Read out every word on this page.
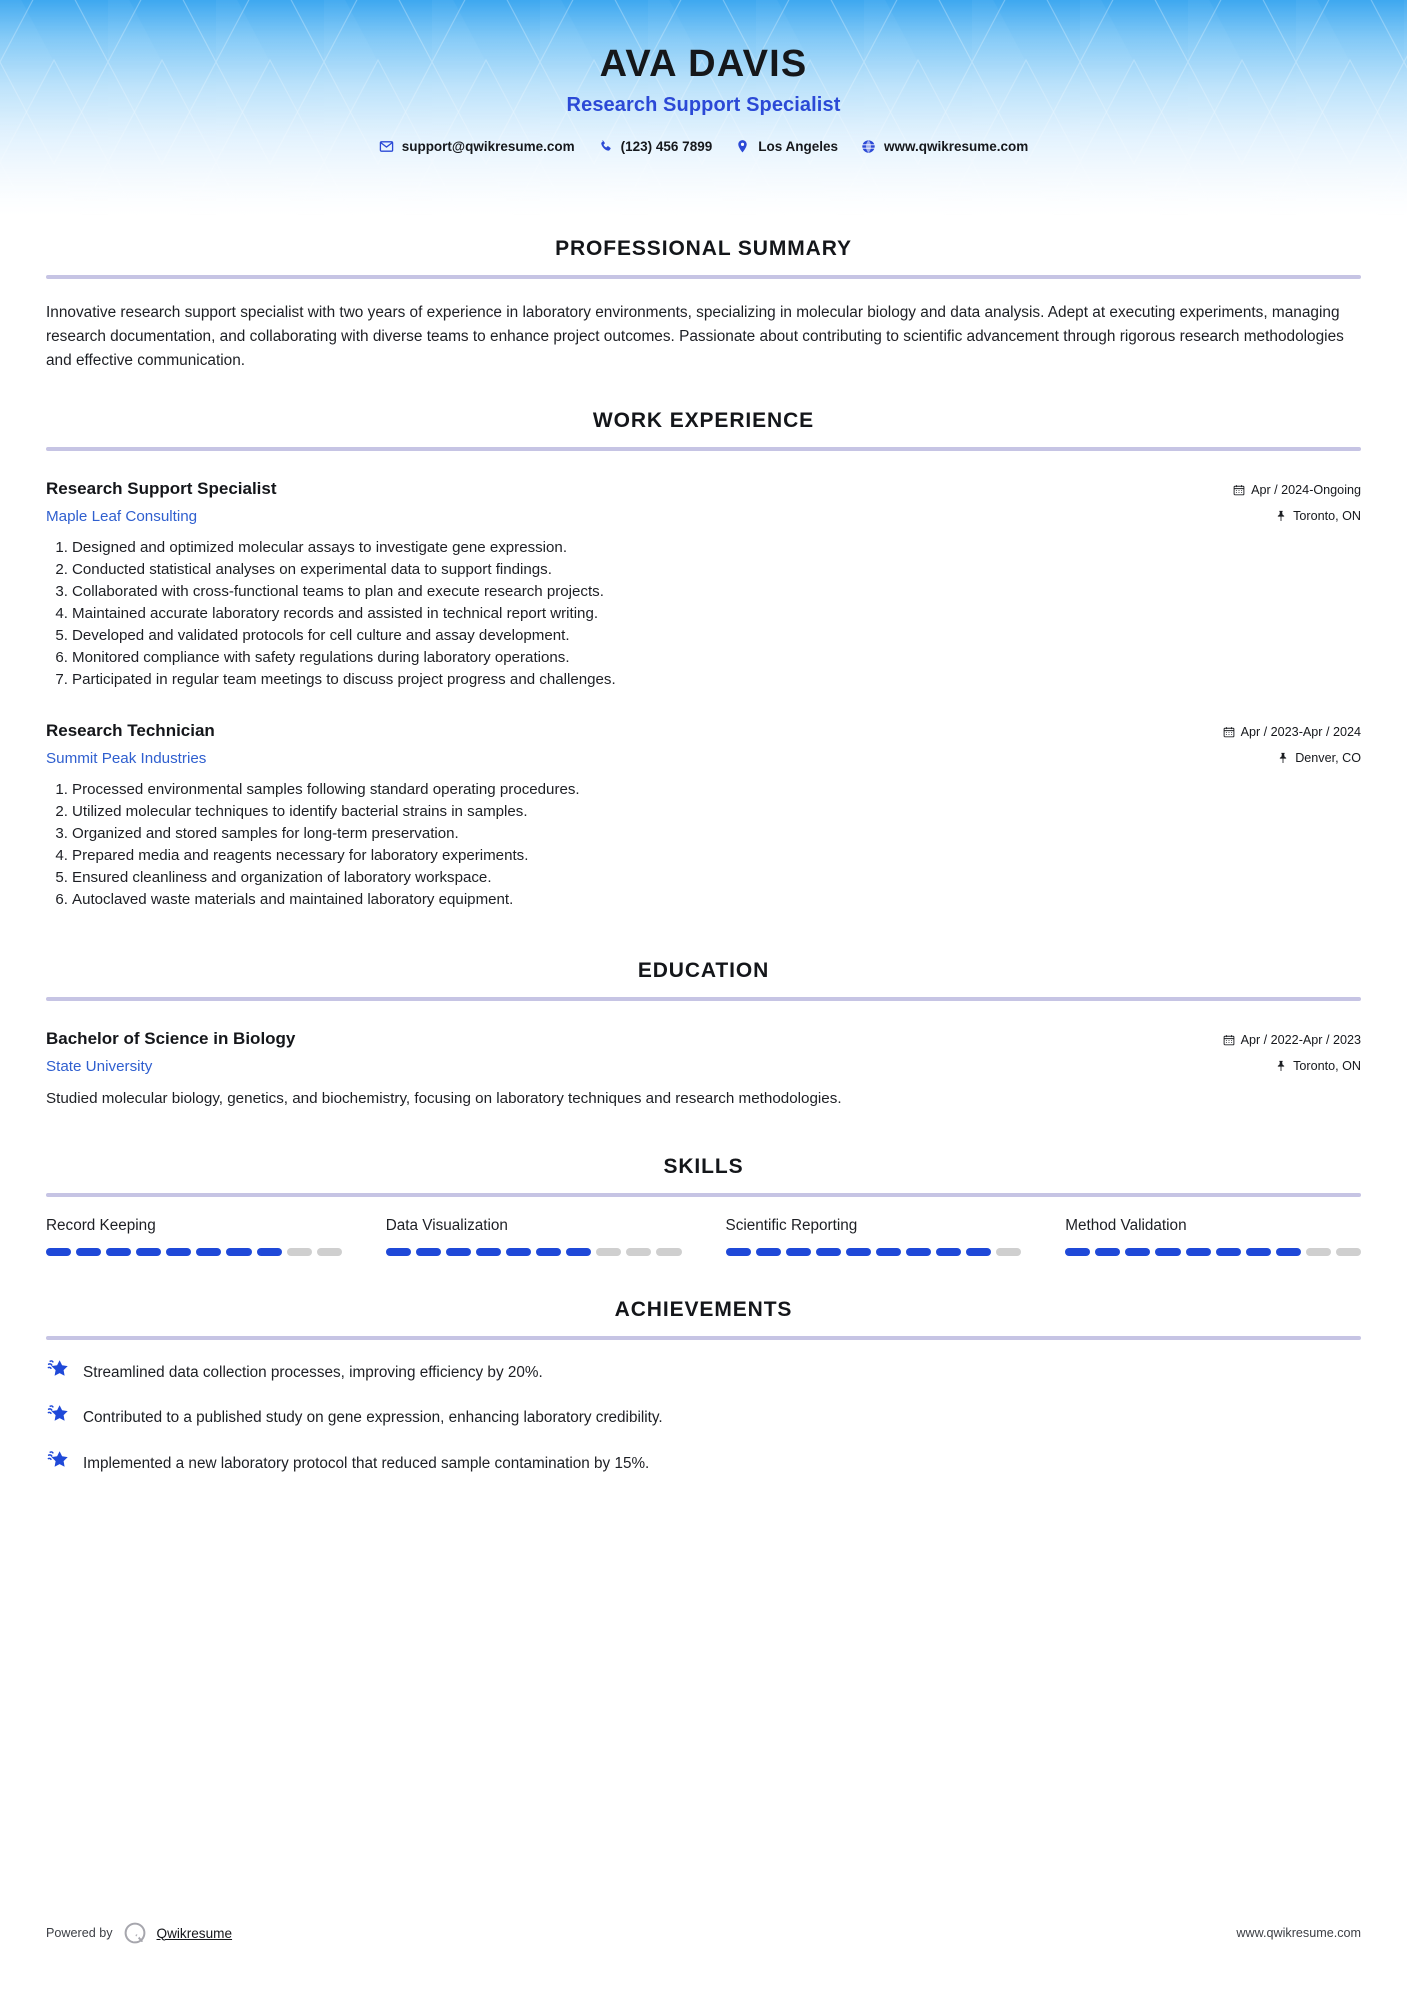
AVA DAVIS
Research Support Specialist
support@qwikresume.com	(123) 456 7899	Los Angeles	www.qwikresume.com
PROFESSIONAL SUMMARY

Innovative research support specialist with two years of experience in laboratory environments, specializing in molecular biology and data analysis. Adept at executing experiments, managing research documentation, and collaborating with diverse teams to enhance project outcomes. Passionate about contributing to scientific advancement through rigorous research methodologies and effective communication.

WORK EXPERIENCE
Research Support Specialist
Maple Leaf Consulting
Apr / 2024-Ongoing
Toronto, ON
1. Designed and optimized molecular assays to investigate gene expression.
2. Conducted statistical analyses on experimental data to support findings.
3. Collaborated with cross-functional teams to plan and execute research projects.
4. Maintained accurate laboratory records and assisted in technical report writing.
5. Developed and validated protocols for cell culture and assay development.
6. Monitored compliance with safety regulations during laboratory operations.
7. Participated in regular team meetings to discuss project progress and challenges.
Research Technician
Summit Peak Industries
Apr / 2023-Apr / 2024
Denver, CO
1. Processed environmental samples following standard operating procedures.
2. Utilized molecular techniques to identify bacterial strains in samples.
3. Organized and stored samples for long-term preservation.
4. Prepared media and reagents necessary for laboratory experiments.
5. Ensured cleanliness and organization of laboratory workspace.
6. Autoclaved waste materials and maintained laboratory equipment.
EDUCATION
Bachelor of Science in Biology
State University
Apr / 2022-Apr / 2023
Toronto, ON
Studied molecular biology, genetics, and biochemistry, focusing on laboratory techniques and research methodologies.
SKILLS
Record Keeping	Data Visualization	Scientific Reporting	Method Validation
ACHIEVEMENTS
Streamlined data collection processes, improving efficiency by 20%.
Contributed to a published study on gene expression, enhancing laboratory credibility.
Implemented a new laboratory protocol that reduced sample contamination by 15%.
Powered by	Qwikresume	www.qwikresume.com
